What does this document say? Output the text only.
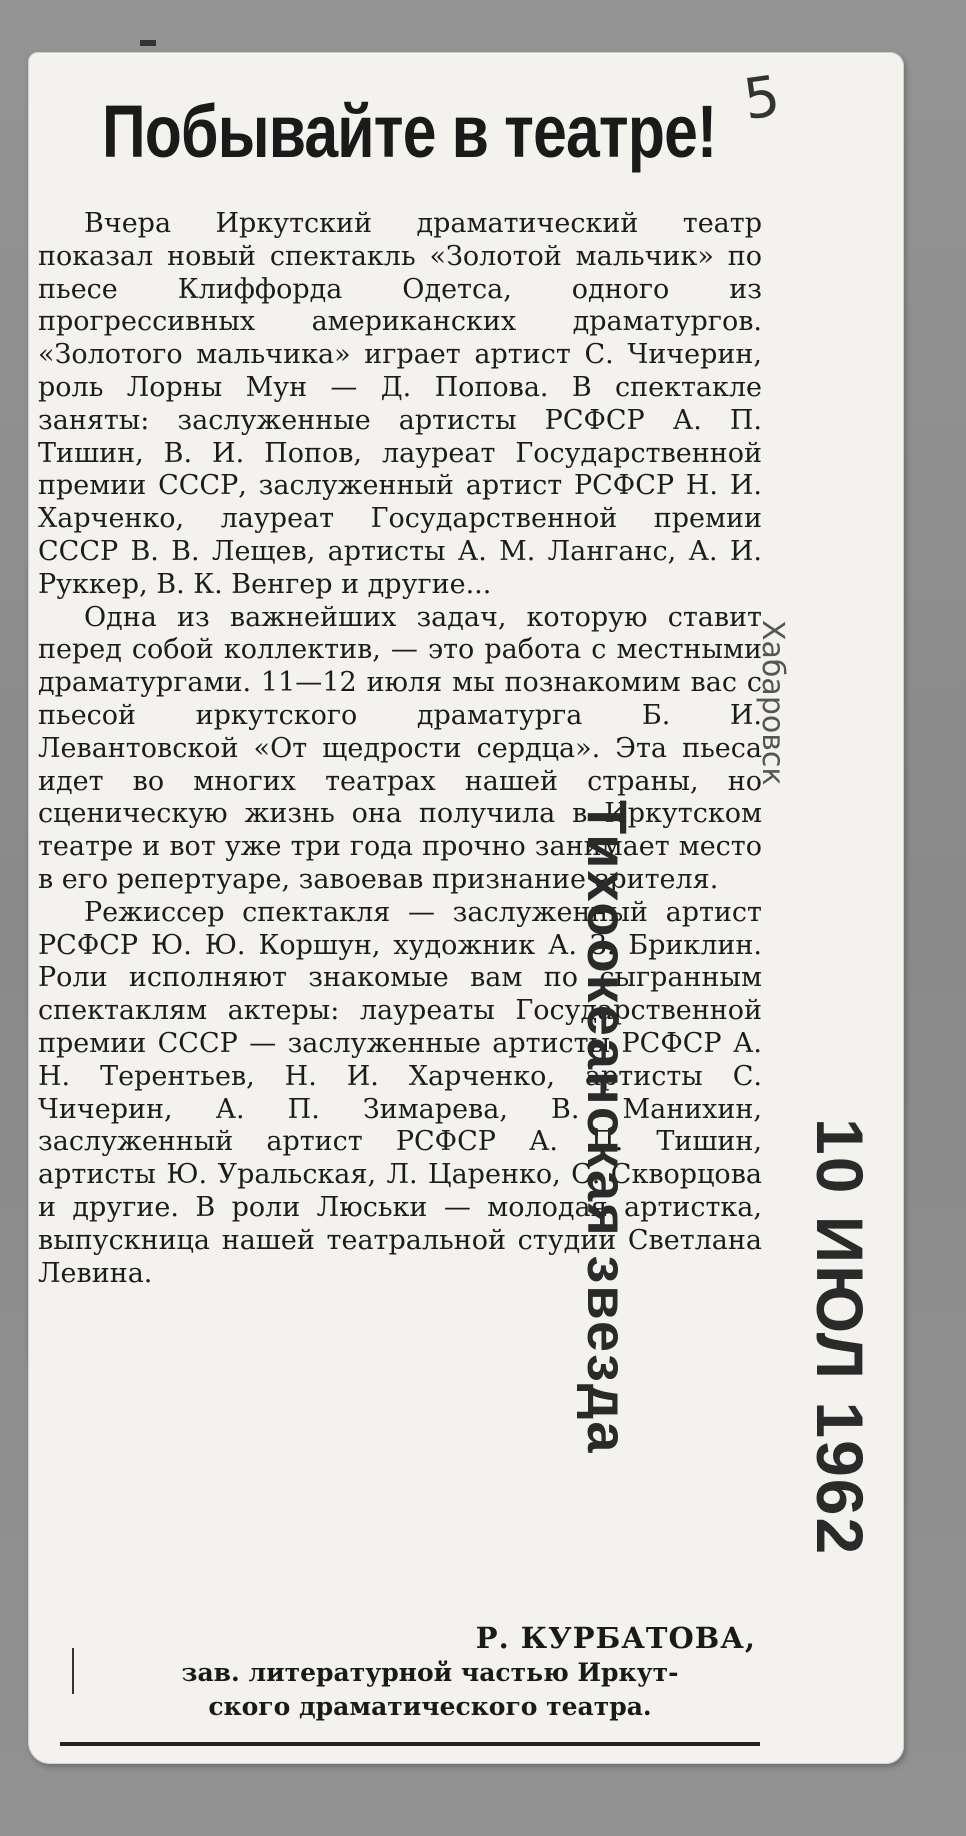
5
Побывайте в театре!

Вчера Иркутский драматический театр показал новый спектакль «Золотой мальчик» по пьесе Клиффорда Одетса, одного из прогрессивных американских драматургов. «Золотого мальчика» играет артист С. Чичерин, роль Лорны Мун — Д. Попова. В спектакле заняты: заслуженные артисты РСФСР А. П. Тишин, В. И. Попов, лауреат Государственной премии СССР, заслуженный артист РСФСР Н. И. Харченко, лауреат Государственной премии СССР В. В. Лещев, артисты А. М. Ланганс, А. И. Руккер, В. К. Венгер и другие...

Одна из важнейших задач, которую ставит перед собой коллектив, — это работа с местными драматургами. 11—12 июля мы познакомим вас с пьесой иркутского драматурга Б. И. Левантовской «От щедрости сердца». Эта пьеса идет во многих театрах нашей страны, но сценическую жизнь она получила в Иркутском театре и вот уже три года прочно занимает место в его репертуаре, завоевав признание зрителя.

Режиссер спектакля — заслуженный артист РСФСР Ю. Ю. Коршун, художник А. З. Бриклин. Роли исполняют знакомые вам по сыгранным спектаклям актеры: лауреаты Государственной премии СССР — заслуженные артисты РСФСР А. Н. Терентьев, Н. И. Харченко, артисты С. Чичерин, А. П. Зимарева, В. Манихин, заслуженный артист РСФСР А. П. Тишин, артисты Ю. Уральская, Л. Царенко, С. Скворцова и другие. В роли Люськи — молодая артистка, выпускница нашей театральной студии Светлана Левина.

Р. КУРБАТОВА,
зав. литературной частью Иркут-
ского драматического театра.
Тихоокеанская звезда
Хабаровск
10 ИЮЛ 1962
